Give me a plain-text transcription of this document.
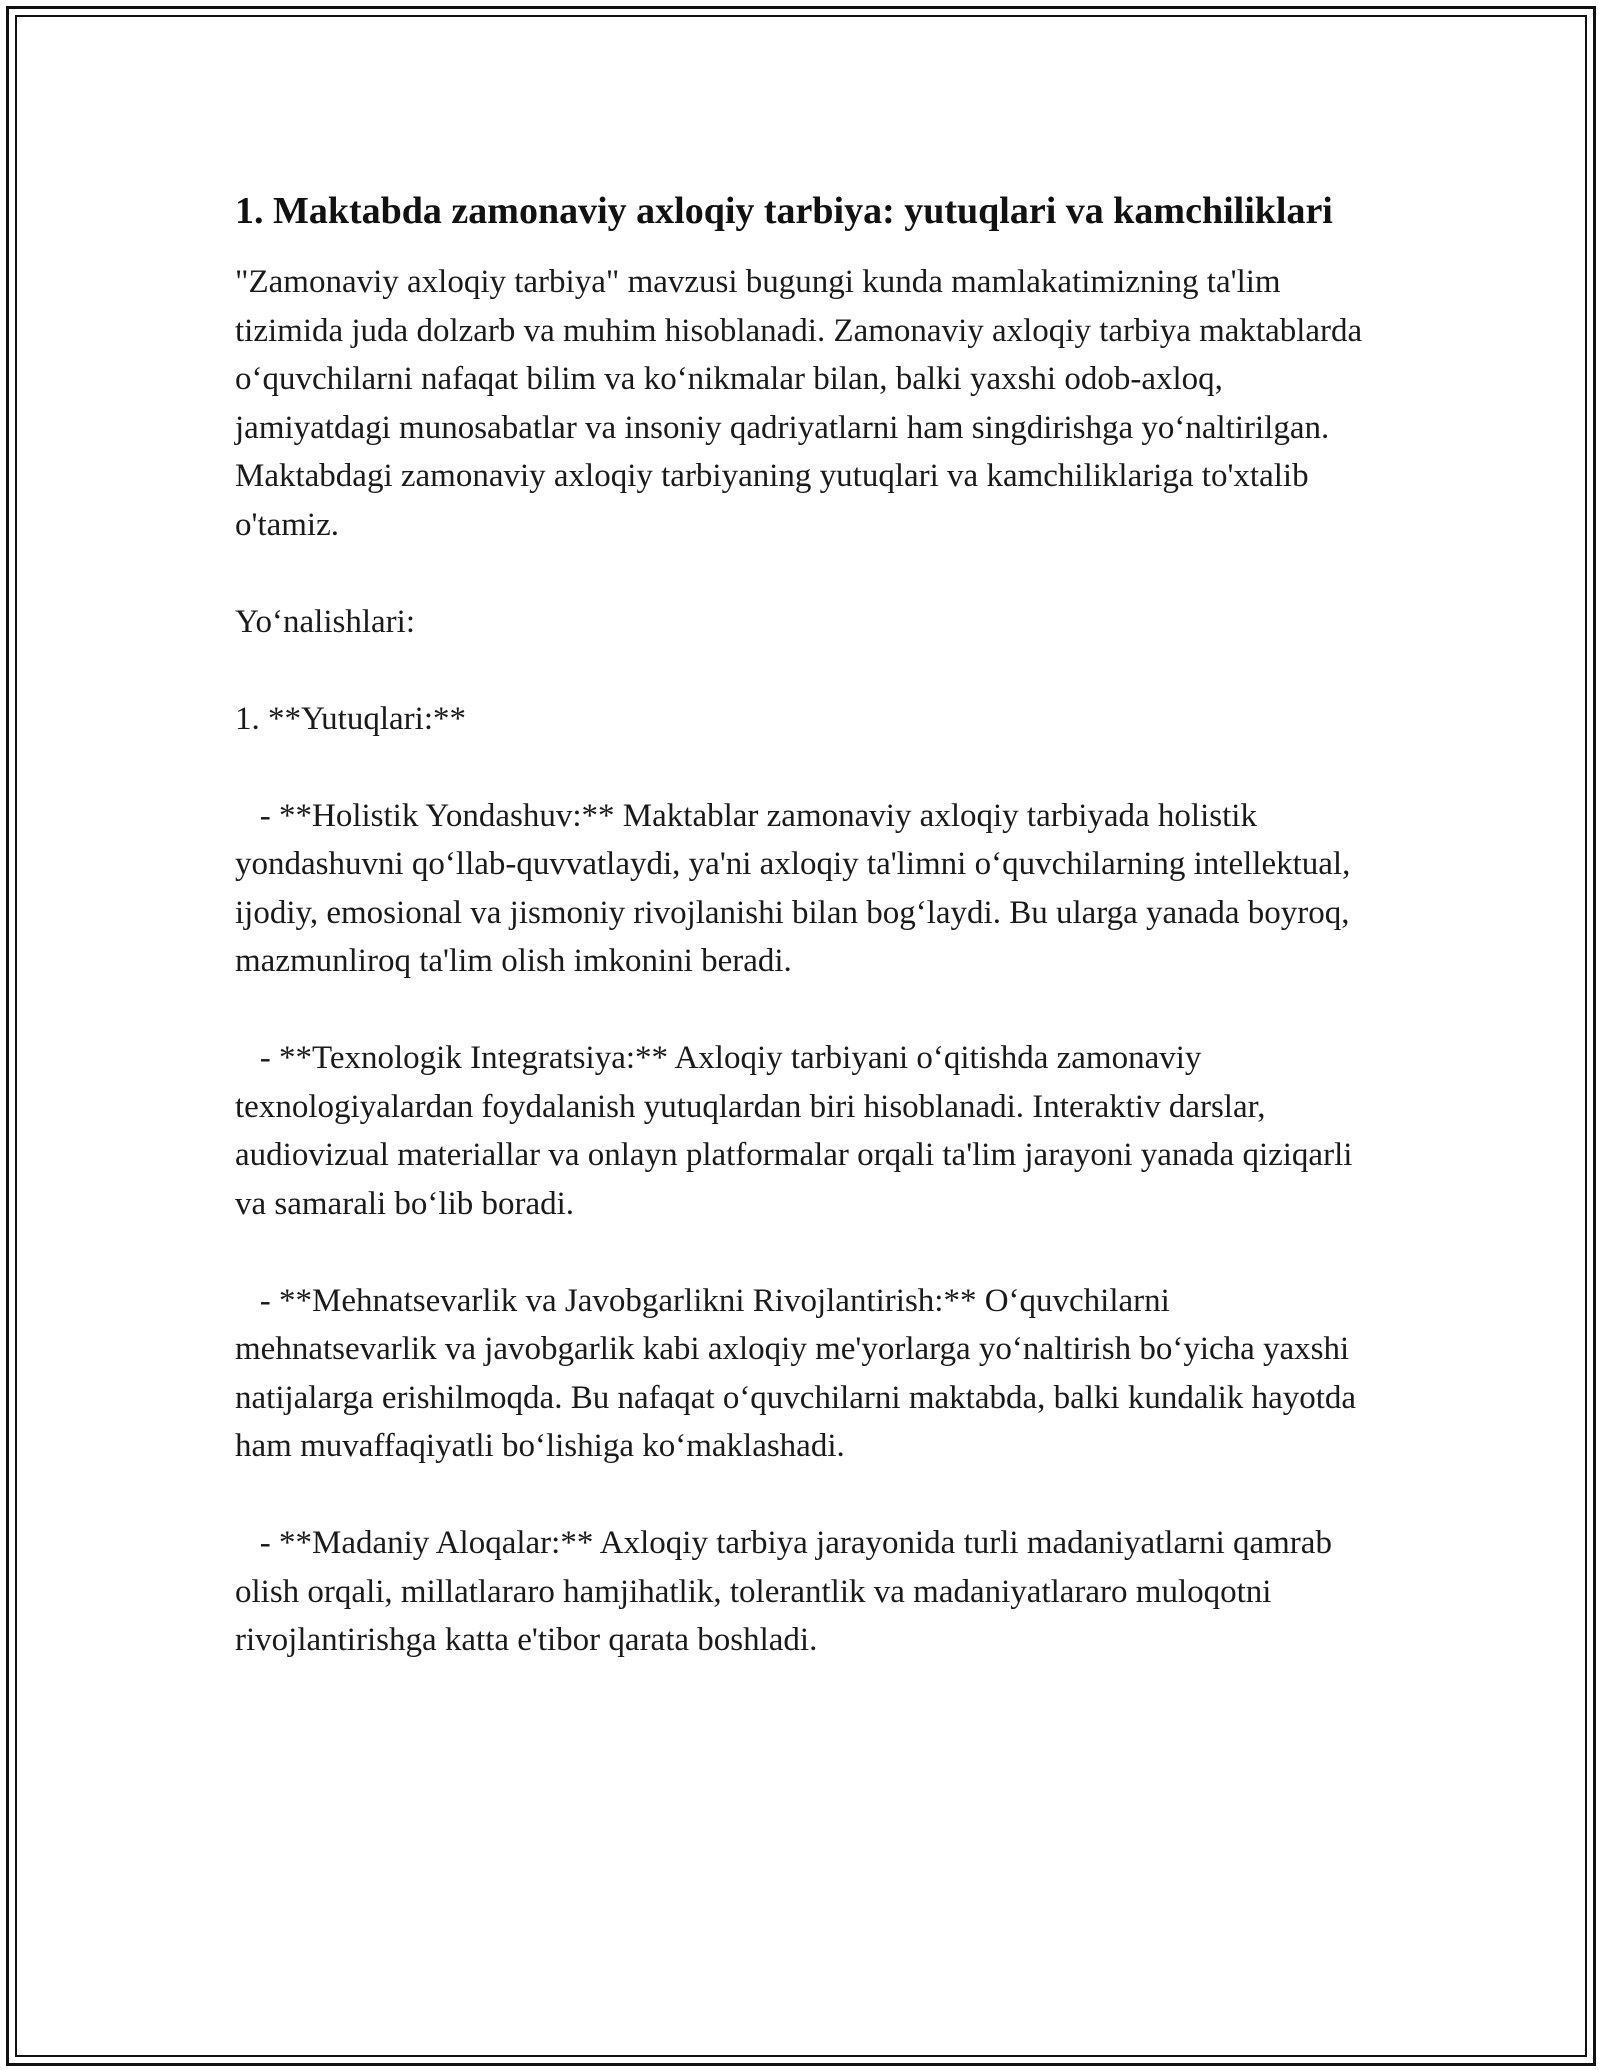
1. Maktabda zamonaviy axloqiy tarbiya: yutuqlari va kamchiliklari

"Zamonaviy axloqiy tarbiya" mavzusi bugungi kunda mamlakatimizning ta'lim tizimida juda dolzarb va muhim hisoblanadi. Zamonaviy axloqiy tarbiya maktablarda o‘quvchilarni nafaqat bilim va ko‘nikmalar bilan, balki yaxshi odob-axloq, jamiyatdagi munosabatlar va insoniy qadriyatlarni ham singdirishga yo‘naltirilgan. Maktabdagi zamonaviy axloqiy tarbiyaning yutuqlari va kamchiliklariga to'xtalib o'tamiz.

Yo‘nalishlari:

1. **Yutuqlari:**

- **Holistik Yondashuv:** Maktablar zamonaviy axloqiy tarbiyada holistik yondashuvni qo‘llab-quvvatlaydi, ya'ni axloqiy ta'limni o‘quvchilarning intellektual, ijodiy, emosional va jismoniy rivojlanishi bilan bog‘laydi. Bu ularga yanada boyroq, mazmunliroq ta'lim olish imkonini beradi.

- **Texnologik Integratsiya:** Axloqiy tarbiyani o‘qitishda zamonaviy texnologiyalardan foydalanish yutuqlardan biri hisoblanadi. Interaktiv darslar, audiovizual materiallar va onlayn platformalar orqali ta'lim jarayoni yanada qiziqarli va samarali bo‘lib boradi.

- **Mehnatsevarlik va Javobgarlikni Rivojlantirish:** O‘quvchilarni mehnatsevarlik va javobgarlik kabi axloqiy me'yorlarga yo‘naltirish bo‘yicha yaxshi natijalarga erishilmoqda. Bu nafaqat o‘quvchilarni maktabda, balki kundalik hayotda ham muvaffaqiyatli bo‘lishiga ko‘maklashadi.

- **Madaniy Aloqalar:** Axloqiy tarbiya jarayonida turli madaniyatlarni qamrab olish orqali, millatlararo hamjihatlik, tolerantlik va madaniyatlararo muloqotni rivojlantirishga katta e'tibor qarata boshladi.
